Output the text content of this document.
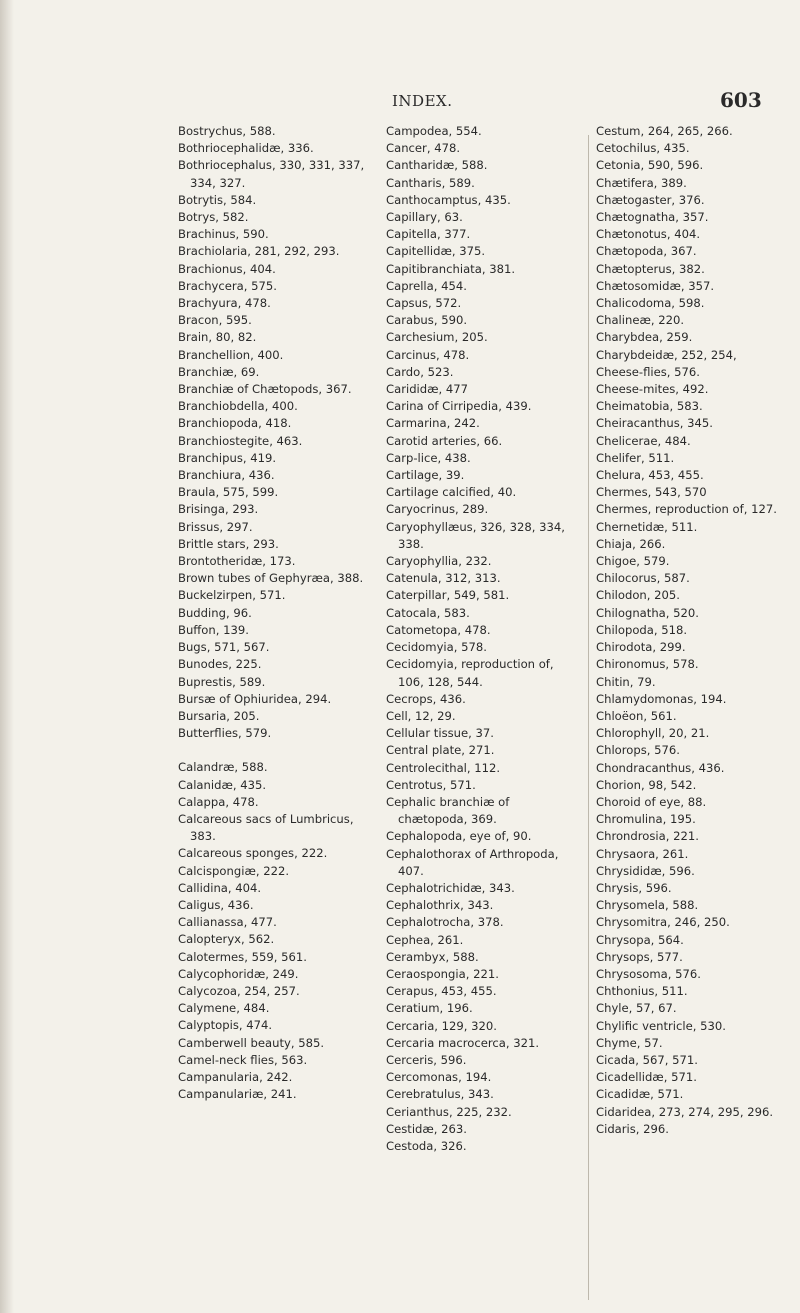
INDEX.	603

Bostrychus, 588.

Bothriocephalidæ, 336.

Bothriocephalus, 330, 331, 337, 334, 327.

Botrytis, 584.

Botrys, 582.

Brachinus, 590.

Brachiolaria, 281, 292, 293.

Brachionus, 404.

Brachycera, 575.

Brachyura, 478.

Bracon, 595.

Brain, 80, 82.

Branchellion, 400.

Branchiæ, 69.

Branchiæ of Chætopods, 367.

Branchiobdella, 400.

Branchiopoda, 418.

Branchiostegite, 463.

Branchipus, 419.

Branchiura, 436.

Braula, 575, 599.

Brisinga, 293.

Brissus, 297.

Brittle stars, 293.

Brontotheridæ, 173.

Brown tubes of Gephyræa, 388.

Buckelzirpen, 571.

Budding, 96.

Buffon, 139.

Bugs, 571, 567.

Bunodes, 225.

Buprestis, 589.

Bursæ of Ophiuridea, 294.

Bursaria, 205.

Butterflies, 579.

Calandræ, 588.

Calanidæ, 435.

Calappa, 478.

Calcareous sacs of Lumbricus, 383.

Calcareous sponges, 222.

Calcispongiæ, 222.

Callidina, 404.

Caligus, 436.

Callianassa, 477.

Calopteryx, 562.

Calotermes, 559, 561.

Calycophoridæ, 249.

Calycozoa, 254, 257.

Calymene, 484.

Calyptopis, 474.

Camberwell beauty, 585.

Camel-neck flies, 563.

Campanularia, 242.

Campanulariæ, 241.

Campodea, 554.

Cancer, 478.

Cantharidæ, 588.

Cantharis, 589.

Canthocamptus, 435.

Capillary, 63.

Capitella, 377.

Capitellidæ, 375.

Capitibranchiata, 381.

Caprella, 454.

Capsus, 572.

Carabus, 590.

Carchesium, 205.

Carcinus, 478.

Cardo, 523.

Carididæ, 477

Carina of Cirripedia, 439.

Carmarina, 242.

Carotid arteries, 66.

Carp-lice, 438.

Cartilage, 39.

Cartilage calcified, 40.

Caryocrinus, 289.

Caryophyllæus, 326, 328, 334, 338.

Caryophyllia, 232.

Catenula, 312, 313.

Caterpillar, 549, 581.

Catocala, 583.

Catometopa, 478.

Cecidomyia, 578.

Cecidomyia, reproduction of, 106, 128, 544.

Cecrops, 436.

Cell, 12, 29.

Cellular tissue, 37.

Central plate, 271.

Centrolecithal, 112.

Centrotus, 571.

Cephalic branchiæ of chætopoda, 369.

Cephalopoda, eye of, 90.

Cephalothorax of Arthropoda, 407.

Cephalotrichidæ, 343.

Cephalothrix, 343.

Cephalotrocha, 378.

Cephea, 261.

Cerambyx, 588.

Ceraospongia, 221.

Cerapus, 453, 455.

Ceratium, 196.

Cercaria, 129, 320.

Cercaria macrocerca, 321.

Cerceris, 596.

Cercomonas, 194.

Cerebratulus, 343.

Cerianthus, 225, 232.

Cestidæ, 263.

Cestoda, 326.

Cestum, 264, 265, 266.

Cetochilus, 435.

Cetonia, 590, 596.

Chætifera, 389.

Chætogaster, 376.

Chætognatha, 357.

Chætonotus, 404.

Chætopoda, 367.

Chætopterus, 382.

Chætosomidæ, 357.

Chalicodoma, 598.

Chalineæ, 220.

Charybdea, 259.

Charybdeidæ, 252, 254,

Cheese-flies, 576.

Cheese-mites, 492.

Cheimatobia, 583.

Cheiracanthus, 345.

Chelicerae, 484.

Chelifer, 511.

Chelura, 453, 455.

Chermes, 543, 570

Chermes, reproduction of, 127.

Chernetidæ, 511.

Chiaja, 266.

Chigoe, 579.

Chilocorus, 587.

Chilodon, 205.

Chilognatha, 520.

Chilopoda, 518.

Chirodota, 299.

Chironomus, 578.

Chitin, 79.

Chlamydomonas, 194.

Chloëon, 561.

Chlorophyll, 20, 21.

Chlorops, 576.

Chondracanthus, 436.

Chorion, 98, 542.

Choroid of eye, 88.

Chromulina, 195.

Chrondrosia, 221.

Chrysaora, 261.

Chrysididæ, 596.

Chrysis, 596.

Chrysomela, 588.

Chrysomitra, 246, 250.

Chrysopa, 564.

Chrysops, 577.

Chrysosoma, 576.

Chthonius, 511.

Chyle, 57, 67.

Chylific ventricle, 530.

Chyme, 57.

Cicada, 567, 571.

Cicadellidæ, 571.

Cicadidæ, 571.

Cidaridea, 273, 274, 295, 296.

Cidaris, 296.
